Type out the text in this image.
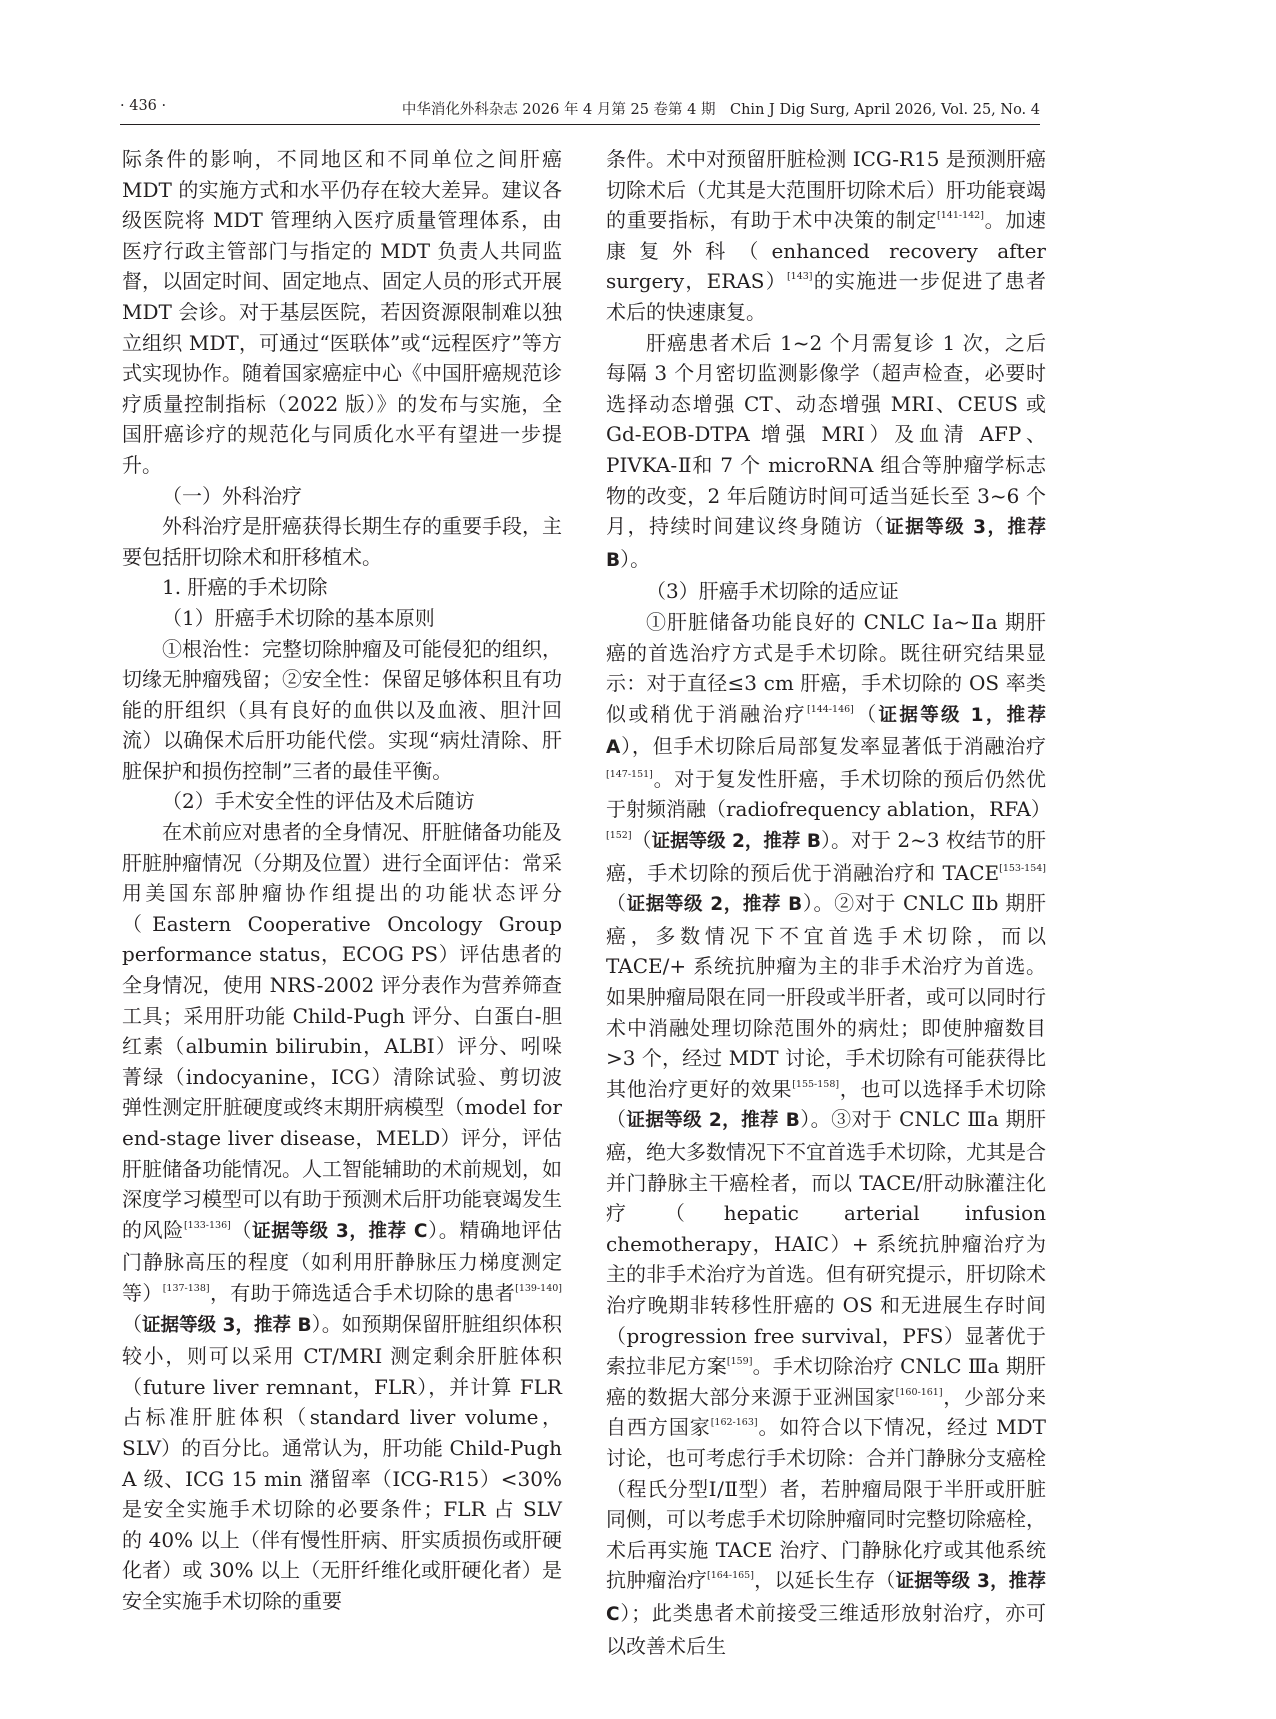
· 436 ·	中华消化外科杂志 2026 年 4 月第 25 卷第 4 期　Chin J Dig Surg, April 2026, Vol. 25, No. 4

际条件的影响，不同地区和不同单位之间肝癌 MDT 的实施方式和水平仍存在较大差异。建议各级医院将 MDT 管理纳入医疗质量管理体系，由医疗行政主管部门与指定的 MDT 负责人共同监督，以固定时间、固定地点、固定人员的形式开展 MDT 会诊。对于基层医院，若因资源限制难以独立组织 MDT，可通过“医联体”或“远程医疗”等方式实现协作。随着国家癌症中心《中国肝癌规范诊疗质量控制指标（2022 版）》的发布与实施，全国肝癌诊疗的规范化与同质化水平有望进一步提升。

（一）外科治疗

外科治疗是肝癌获得长期生存的重要手段，主要包括肝切除术和肝移植术。

1. 肝癌的手术切除

（1）肝癌手术切除的基本原则

①根治性：完整切除肿瘤及可能侵犯的组织，切缘无肿瘤残留；②安全性：保留足够体积且有功能的肝组织（具有良好的血供以及血液、胆汁回流）以确保术后肝功能代偿。实现“病灶清除、肝脏保护和损伤控制”三者的最佳平衡。

（2）手术安全性的评估及术后随访

在术前应对患者的全身情况、肝脏储备功能及肝脏肿瘤情况（分期及位置）进行全面评估：常采用美国东部肿瘤协作组提出的功能状态评分（Eastern Cooperative Oncology Group performance status，ECOG PS）评估患者的全身情况，使用 NRS-2002 评分表作为营养筛查工具；采用肝功能 Child-Pugh 评分、白蛋白-胆红素（albumin bilirubin，ALBI）评分、吲哚菁绿（indocyanine，ICG）清除试验、剪切波弹性测定肝脏硬度或终末期肝病模型（model for end-stage liver disease，MELD）评分，评估肝脏储备功能情况。人工智能辅助的术前规划，如深度学习模型可以有助于预测术后肝功能衰竭发生的风险[133-136]（证据等级 3，推荐 C）。精确地评估门静脉高压的程度（如利用肝静脉压力梯度测定等）[137-138]，有助于筛选适合手术切除的患者[139-140]（证据等级 3，推荐 B）。如预期保留肝脏组织体积较小，则可以采用 CT/MRI 测定剩余肝脏体积（future liver remnant，FLR），并计算 FLR 占标准肝脏体积（standard liver volume，SLV）的百分比。通常认为，肝功能 Child-Pugh A 级、ICG 15 min 潴留率（ICG-R15）<30% 是安全实施手术切除的必要条件；FLR 占 SLV 的 40% 以上（伴有慢性肝病、肝实质损伤或肝硬化者）或 30% 以上（无肝纤维化或肝硬化者）是安全实施手术切除的重要

条件。术中对预留肝脏检测 ICG-R15 是预测肝癌切除术后（尤其是大范围肝切除术后）肝功能衰竭的重要指标，有助于术中决策的制定[141-142]。加速康复外科（enhanced recovery after surgery，ERAS）[143]的实施进一步促进了患者术后的快速康复。

肝癌患者术后 1~2 个月需复诊 1 次，之后每隔 3 个月密切监测影像学（超声检查，必要时选择动态增强 CT、动态增强 MRI、CEUS 或 Gd-EOB-DTPA 增强 MRI）及血清 AFP、PIVKA-Ⅱ和 7 个 microRNA 组合等肿瘤学标志物的改变，2 年后随访时间可适当延长至 3~6 个月，持续时间建议终身随访（证据等级 3，推荐 B）。

（3）肝癌手术切除的适应证

①肝脏储备功能良好的 CNLC Ⅰa~Ⅱa 期肝癌的首选治疗方式是手术切除。既往研究结果显示：对于直径≤3 cm 肝癌，手术切除的 OS 率类似或稍优于消融治疗[144-146]（证据等级 1，推荐 A），但手术切除后局部复发率显著低于消融治疗[147-151]。对于复发性肝癌，手术切除的预后仍然优于射频消融（radiofrequency ablation，RFA）[152]（证据等级 2，推荐 B）。对于 2~3 枚结节的肝癌，手术切除的预后优于消融治疗和 TACE[153-154]（证据等级 2，推荐 B）。②对于 CNLC Ⅱb 期肝癌，多数情况下不宜首选手术切除，而以 TACE/+ 系统抗肿瘤为主的非手术治疗为首选。如果肿瘤局限在同一肝段或半肝者，或可以同时行术中消融处理切除范围外的病灶；即使肿瘤数目 >3 个，经过 MDT 讨论，手术切除有可能获得比其他治疗更好的效果[155-158]，也可以选择手术切除（证据等级 2，推荐 B）。③对于 CNLC Ⅲa 期肝癌，绝大多数情况下不宜首选手术切除，尤其是合并门静脉主干癌栓者，而以 TACE/肝动脉灌注化疗（hepatic arterial infusion chemotherapy，HAIC）+ 系统抗肿瘤治疗为主的非手术治疗为首选。但有研究提示，肝切除术治疗晚期非转移性肝癌的 OS 和无进展生存时间（progression free survival，PFS）显著优于索拉非尼方案[159]。手术切除治疗 CNLC Ⅲa 期肝癌的数据大部分来源于亚洲国家[160-161]，少部分来自西方国家[162-163]。如符合以下情况，经过 MDT 讨论，也可考虑行手术切除：合并门静脉分支癌栓（程氏分型Ⅰ/Ⅱ型）者，若肿瘤局限于半肝或肝脏同侧，可以考虑手术切除肿瘤同时完整切除癌栓，术后再实施 TACE 治疗、门静脉化疗或其他系统抗肿瘤治疗[164-165]，以延长生存（证据等级 3，推荐 C）；此类患者术前接受三维适形放射治疗，亦可以改善术后生
